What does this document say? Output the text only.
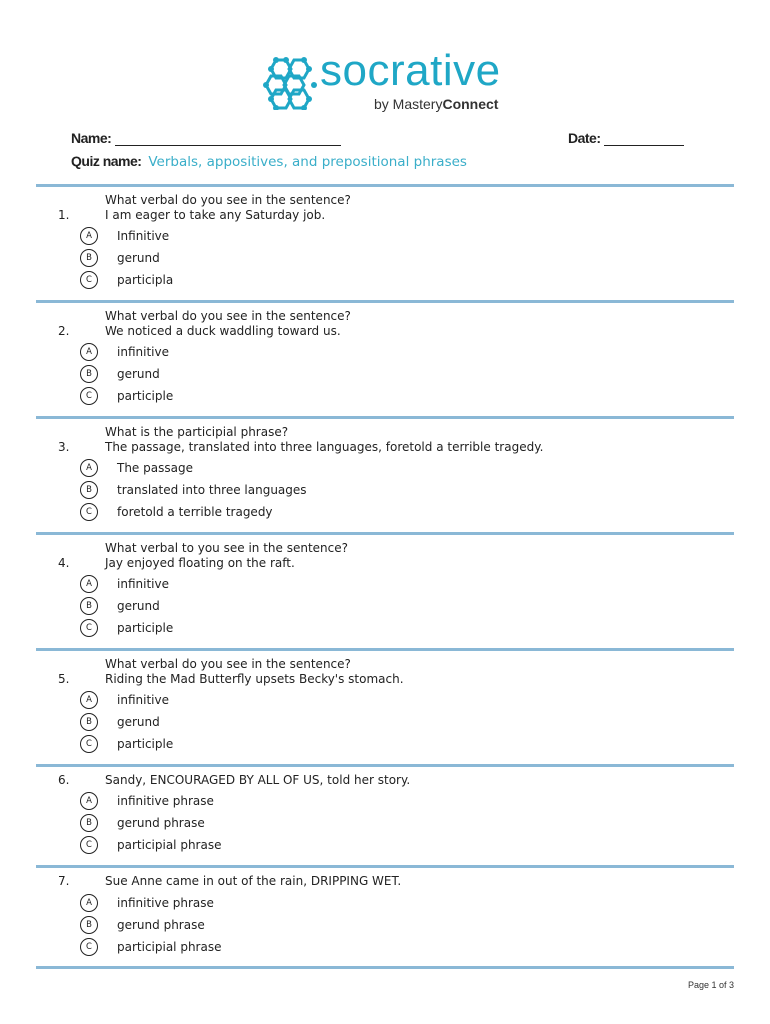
socrative
by MasteryConnect
Name:	Date:
Quiz name: Verbals, appositives, and prepositional phrases
1.
What verbal do you see in the sentence?
I am eager to take any Saturday job.
A	Infinitive
B	gerund
C	participla
2.
What verbal do you see in the sentence?
We noticed a duck waddling toward us.
A	infinitive
B	gerund
C	participle
3.
What is the participial phrase?
The passage, translated into three languages, foretold a terrible tragedy.
A	The passage
B	translated into three languages
C	foretold a terrible tragedy
4.
What verbal to you see in the sentence?
Jay enjoyed floating on the raft.
A	infinitive
B	gerund
C	participle
5.
What verbal do you see in the sentence?
Riding the Mad Butterfly upsets Becky's stomach.
A	infinitive
B	gerund
C	participle
6.	Sandy, ENCOURAGED BY ALL OF US, told her story.
A	infinitive phrase
B	gerund phrase
C	participial phrase
7.	Sue Anne came in out of the rain, DRIPPING WET.
A	infinitive phrase
B	gerund phrase
C	participial phrase
Page 1 of 3
